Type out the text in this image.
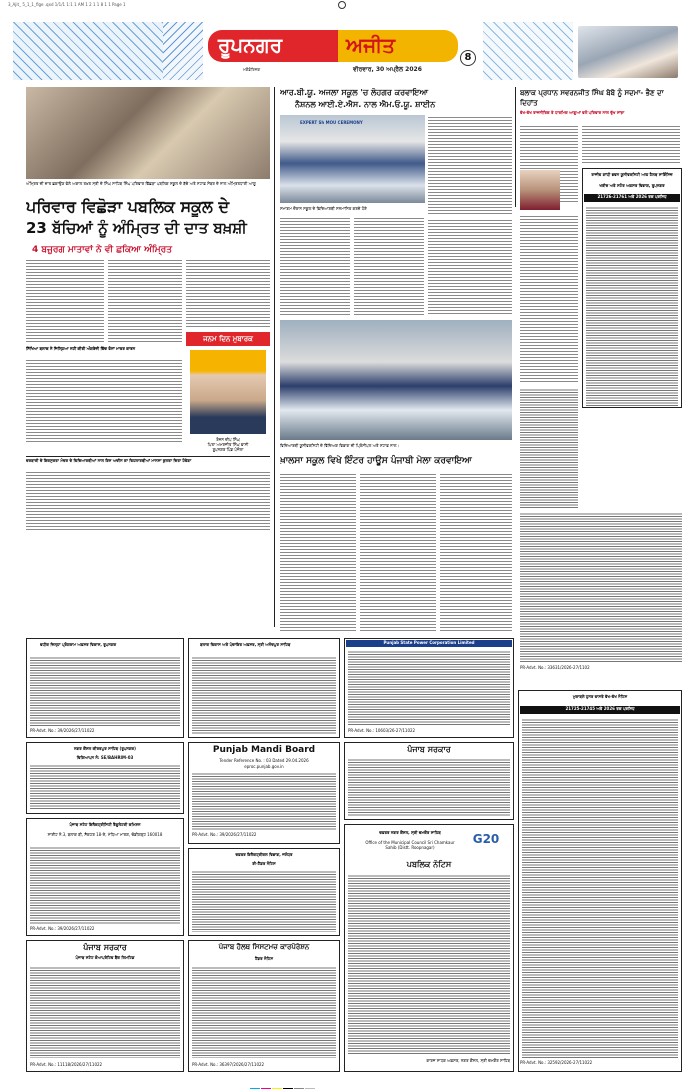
3_Ajit_ 5_1_1_flge .qxd 1/1/1 1:1 1 AM 1 2 1 1 8 1 1 Page 1
ਰੂਪਨਗਰ	ਅਜੀਤ
ਮਕੌਡੋਰਿਜ਼ਕ	ਵੀਰਵਾਰ, 30 ਅਪ੍ਰੈਲ 2026
8
ਅੰਮ੍ਰਿਤ ਦੀ ਦਾਤ ਛਕਾਉਣ ਵੇਲੇ ਅਕਾਲ ਤਖ਼ਤ ਸ੍ਰੀ ਦੇ ਸਿੰਘ ਸਾਹਿਬ ਸਿੰਘ ਪਰਿਵਾਰ ਵਿੱਛੜਾ ਪਬਲਿਕ ਸਕੂਲ ਦੇ ਬੱਚੇ ਅਤੇ ਸਟਾਫ਼ ਮੈਂਬਰ ਦੇ ਨਾਲ ਅੰਮ੍ਰਿਤਧਾਰੀ ਆਗੂ
ਪਰਿਵਾਰ ਵਿਛੋੜਾ ਪਬਲਿਕ ਸਕੂਲ ਦੇ
23 ਬੱਚਿਆਂ ਨੂੰ ਅੰਮ੍ਰਿਤ ਦੀ ਦਾਤ ਬਖ਼ਸ਼ੀ
4 ਬਜ਼ੁਰਗ ਮਾਤਾਵਾਂ ਨੇ ਵੀ ਛਕਿਆ ਅੰਮ੍ਰਿਤ
ਸਿੱਖਿਆ ਬਲਾਕ ਨੇ ਜਿਲ੍ਹਿਆ ਨਹੀਂ ਕੀਤੀ ਅੰਗਰੇਜ਼ੀ ਵਿੱਚ ਫੋਨਾਂ ਮਾਤਰ ਕਾਰਨ
ਜਨਮ ਦਿਨ ਮੁਬਾਰਕ
ਰੋਜ਼ਨ ਦੀਪ ਸਿੰਘ
ਪਿਤਾ ਅਮਰਜੀਤ ਸਿੰਘ ਵਾਸੀ
ਰੂਪਨਗਰ ਪਿੰਡ ਪੰਜੋਲਾ
ਦਰਬਾਰੀ ਦੇ ਇਕਸੁਰਤਾ ਮੰਦਰ ਦੇ ਵਿਦਿਆਰਥੀਆਂ ਨਾਲ ਇਸ ਅਦੀਨ ਕਾ ਵਿਹਲਾਰਥੀਆਂ ਮਾਨਸਾ ਕੁਲਤਾ ਦਿਤਾ ਹੋਵੇਗਾ
ਆਰ.ਬੀ.ਯੂ. ਅਜਲਾ ਸਕੂਲ 'ਚ ਲੋਹਗਰ ਕਰਵਾਇਆ
ਨੈਸ਼ਨਲ ਆਈ.ਏ.ਐਸ. ਨਾਲ ਐਮ.ਓ.ਯੂ. ਸ਼ਾਈਨ
EXPERT Sh MOU CEREMONY
ਸਮਾਗਮ ਦੌਰਾਨ ਸਕੂਲ ਦੇ ਵਿਦਿਆਰਥੀ ਸਨਮਾਨਿਤ ਕਰਦੇ ਹੋਏ
ਵਿਦਿਆਰਥੀ ਯੂਨੀਵਰਸਿਟੀ ਦੇ ਵਿੱਦਿਅਕ ਵਿਭਾਗ ਦੀ ਪ੍ਰਿੰਸੀਪਲ ਅਤੇ ਸਟਾਫ਼ ਨਾਲ।
ਖ਼ਾਲਸਾ ਸਕੂਲ ਵਿਖੇ ਇੰਟਰ ਹਾਊਸ ਪੰਜਾਬੀ ਮੇਲਾ ਕਰਵਾਇਆ
ਬਲਾਕ ਪ੍ਰਧਾਨ ਸਵਰਨਜੀਤ ਸਿੰਘ ਬੇਬੋ ਨੂੰ ਸਦਮਾ- ਭੈਣ ਦਾ ਦਿਹਾਂਤ
ਵੱਖ-ਵੱਖ ਰਾਜਨੀਤਿਕ ਤੇ ਧਾਰਮਿਕ ਆਗੂਆਂ ਵਲੋਂ ਪਰਿਵਾਰ ਨਾਲ ਦੁੱਖ ਸਾਂਝਾ
ਰਾਜੀਵ ਗਾਂਧੀ ਭਵਨ ਯੂਨੀਵਰਸਿਟੀ ਆਫ਼ ਹੈਲਥ ਸਾਇੰਸਿਜ਼
ਖਰੀਦ ਅਤੇ ਸਟੋਰ ਅਫ਼ਸਰ ਵਿਭਾਗ, ਰੂਪਨਗਰ
21726-21761 ਅਤੇ 2026 ਤਕ ਪਰਸਿਧ
PR-Advt. No.: 33631/2026-27/1102
ਮੁਕਾਬਲੇ ਹੁਨਰ ਵਾਸਤੇ ਵੱਖ-ਵੱਖ ਨੋਟਿਸ
21725-21745 ਅਤੇ 2026 ਤਕ ਪਰਸਿਧ
PR-Advt. No.: 32592/2026-27/11022
ਵਧੀਕ ਜ਼ਿਲ੍ਹਾ ਪ੍ਰੋਗਰਾਮ ਅਫ਼ਸਰ ਵਿਕਾਸ, ਰੂਪਨਗਰ
PR-Advt. No.: 39/2026/27/11022
ਬਲਾਕ ਵਿਕਾਸ ਅਤੇ ਪੰਚਾਇਤ ਅਫ਼ਸਰ, ਸ੍ਰੀ ਅਨੰਦਪੁਰ ਸਾਹਿਬ	Punjab State Power Corporation Limited
PR-Advt. No.: 10603/26-27/11022
ਨਗਰ ਕੌਂਸਲ ਕੀਰਤਪੁਰ ਸਾਹਿਬ (ਰੂਪਨਗਰ)
ਵਿਗਿਆਪਨ ਨੰ: SE/BAHRIM-03
Punjab Mandi Board
Tender Reference No. : 03 Dated 29.04.2026
eproc.punjab.gov.in
PR-Advt. No.: 39/2026/27/11022
ਪੰਜਾਬ ਸਰਕਾਰ
ਪੰਜਾਬ ਸਟੇਟ ਇਲੈਕਟ੍ਰੀਸਿਟੀ ਰੈਗੂਲੇਟਰੀ ਕਮਿਸ਼ਨ
ਸਾਈਟ ਨੰ.3, ਬਲਾਕ ਬੀ, ਸੈਕਟਰ 18-ਏ, ਮੱਧਿਆ ਮਾਰਗ, ਚੰਡੀਗੜ੍ਹ 160018
PR-Advt. No.: 39/2026/27/11022
ਦਫ਼ਤਰ ਇਲੈਕਟ੍ਰੀਕਲ ਵਿਭਾਗ, ਜਲੰਧਰ
ਈ-ਟੈਂਡਰ ਨੋਟਿਸ
ਦਫ਼ਤਰ ਨਗਰ ਕੌਂਸਲ, ਸ੍ਰੀ ਚਮਕੌਰ ਸਾਹਿਬ	G20
Office of the Municipal Council Sri Chamkaur Sahib (Distt. Roopnagar)
ਪਬਲਿਕ ਨੋਟਿਸ
ਕਾਰਜ ਸਾਧਕ ਅਫ਼ਸਰ, ਨਗਰ ਕੌਂਸਲ, ਸ੍ਰੀ ਚਮਕੌਰ ਸਾਹਿਬ
ਪੰਜਾਬ ਸਰਕਾਰ
ਪੰਜਾਬ ਸਟੇਟ ਕੋਆਪਰੇਟਿਵ ਬੈਂਕ ਲਿਮਟਿਡ
PR-Advt. No.: 11118/2026/27/11022
ਪੰਜਾਬ ਹੈਲਥ ਸਿਸਟਮਜ਼ ਕਾਰਪੋਰੇਸ਼ਨ
ਟੈਂਡਰ ਨੋਟਿਸ
PR-Advt. No.: 36397/2026/27/11022
